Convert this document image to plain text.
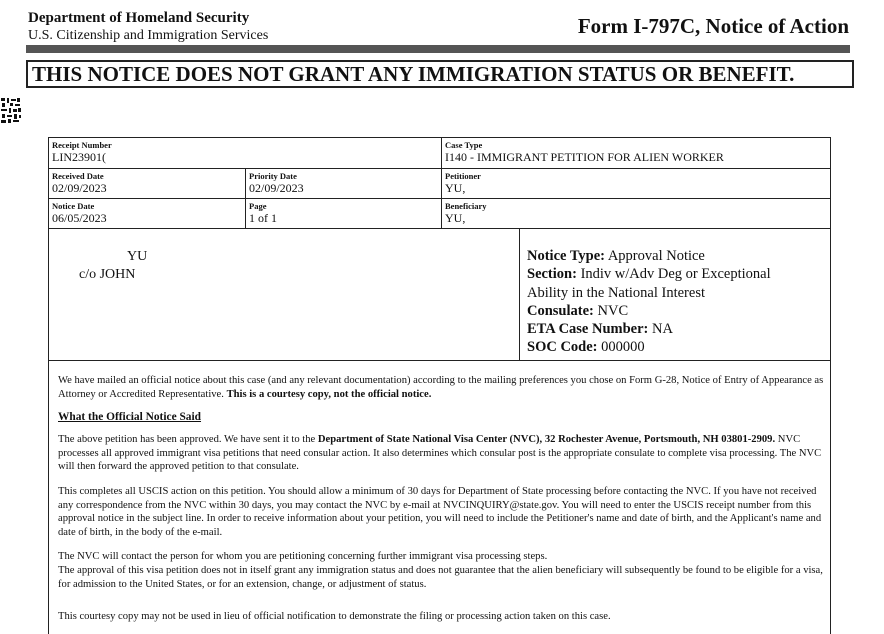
Department of Homeland Security
U.S. Citizenship and Immigration Services	Form I-797C, Notice of Action
THIS NOTICE DOES NOT GRANT ANY IMMIGRATION STATUS OR BENEFIT.
Receipt Number
LIN23901(
Case Type
I140 - IMMIGRANT PETITION FOR ALIEN WORKER
Received Date
02/09/2023
Priority Date
02/09/2023
Petitioner
YU,
Notice Date
06/05/2023
Page
1 of 1
Beneficiary
YU,
YU
c/o JOHN
Notice Type: Approval Notice
Section: Indiv w/Adv Deg or Exceptional
Ability in the National Interest
Consulate: NVC
ETA Case Number: NA
SOC Code: 000000
We have mailed an official notice about this case (and any relevant documentation) according to the mailing preferences you chose on Form G-28, Notice of Entry of Appearance as Attorney or Accredited Representative. This is a courtesy copy, not the official notice.
What the Official Notice Said
The above petition has been approved. We have sent it to the Department of State National Visa Center (NVC), 32 Rochester Avenue, Portsmouth, NH 03801-2909. NVC processes all approved immigrant visa petitions that need consular action. It also determines which consular post is the appropriate consulate to complete visa processing. The NVC will then forward the approved petition to that consulate.
This completes all USCIS action on this petition. You should allow a minimum of 30 days for Department of State processing before contacting the NVC. If you have not received any correspondence from the NVC within 30 days, you may contact the NVC by e-mail at NVCINQUIRY@state.gov. You will need to enter the USCIS receipt number from this approval notice in the subject line. In order to receive information about your petition, you will need to include the Petitioner's name and date of birth, and the Applicant's name and date of birth, in the body of the e-mail.
The NVC will contact the person for whom you are petitioning concerning further immigrant visa processing steps.
The approval of this visa petition does not in itself grant any immigration status and does not guarantee that the alien beneficiary will subsequently be found to be eligible for a visa, for admission to the United States, or for an extension, change, or adjustment of status.
This courtesy copy may not be used in lieu of official notification to demonstrate the filing or processing action taken on this case.
